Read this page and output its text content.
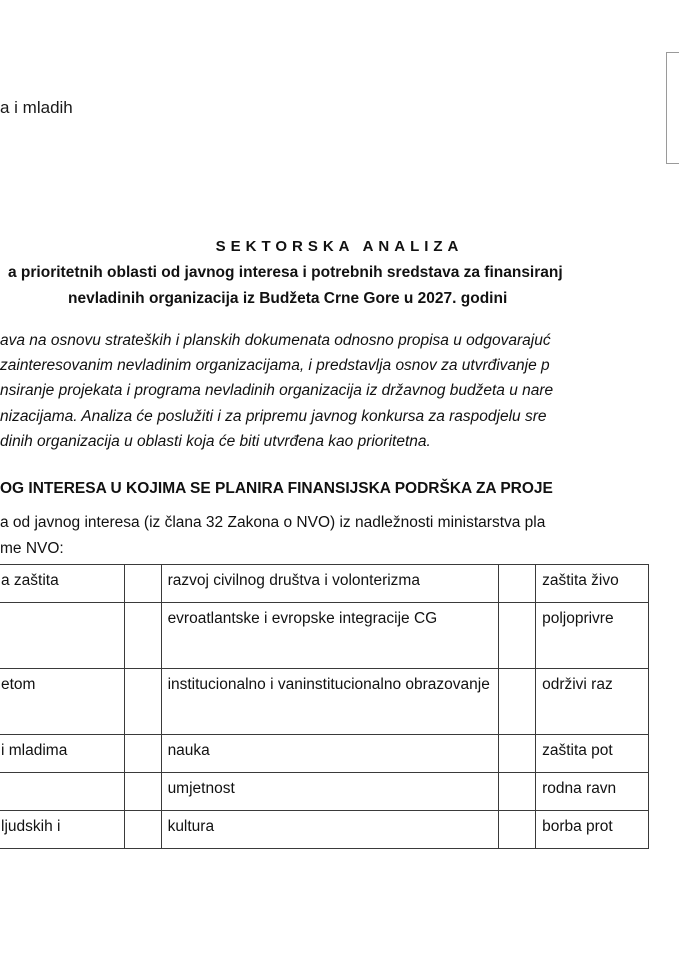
a i mladih
SEKTORSKA ANALIZA
a prioritetnih oblasti od javnog interesa i potrebnih sredstava za finansiranj
nevladinih organizacija iz Budžeta Crne Gore u 2027. godini
ava na osnovu strateških i planskih dokumenata odnosno propisa u odgovarajuć
zainteresovanim nevladinim organizacijama, i predstavlja osnov za utvrđivanje p
nsiranje projekata i programa nevladinih organizacija iz državnog budžeta u nare
nizacijama. Analiza će poslužiti i za pripremu javnog konkursa za raspodjelu sre
dinih organizacija u oblasti koja će biti utvrđena kao prioritetna.
OG INTERESA U KOJIMA SE PLANIRA FINANSIJSKA PODRŠKA ZA PROJE
a od javnog interesa (iz člana 32 Zakona o NVO) iz nadležnosti ministarstva pla
me NVO:
a zaštita		razvoj civilnog društva i volonterizma		zaštita živo
		evroatlantske i evropske integracije CG		poljoprivre
etom		institucionalno i vaninstitucionalno obrazovanje		održivi raz
i mladima		nauka		zaštita pot
		umjetnost		rodna ravn
ljudskih i		kultura		borba prot
